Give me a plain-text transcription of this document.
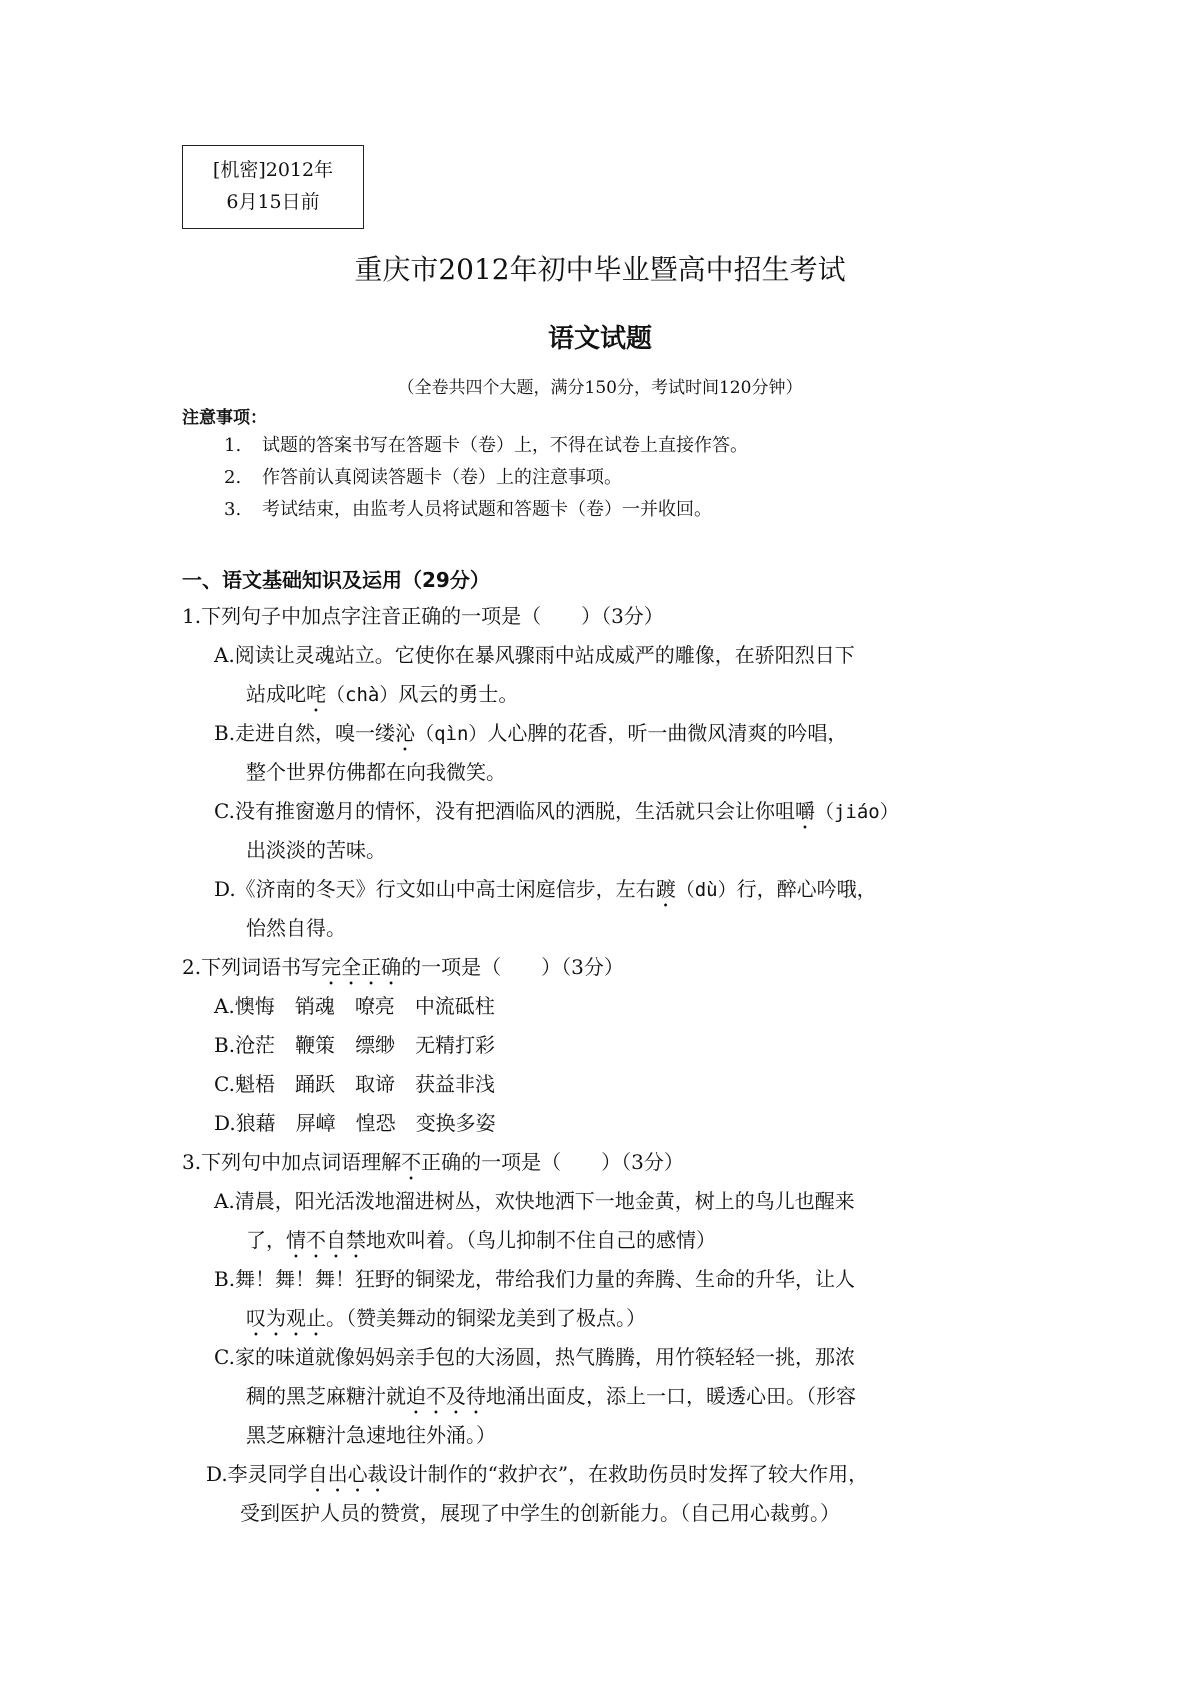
[机密]2012年
6月15日前
重庆市2012年初中毕业暨高中招生考试
语文试题
（全卷共四个大题，满分150分，考试时间120分钟）
注意事项：
1.	试题的答案书写在答题卡（卷）上，不得在试卷上直接作答。
2.	作答前认真阅读答题卡（卷）上的注意事项。
3.	考试结束，由监考人员将试题和答题卡（卷）一并收回。
一、语文基础知识及运用（29分）
1.下列句子中加点字注音正确的一项是（　　）（3分）
A.阅读让灵魂站立。它使你在暴风骤雨中站成威严的雕像，在骄阳烈日下
站成叱咤（chà）风云的勇士。
B.走进自然，嗅一缕沁（qìn）人心脾的花香，听一曲微风清爽的吟唱，
整个世界仿佛都在向我微笑。
C.没有推窗邀月的情怀，没有把酒临风的洒脱，生活就只会让你咀嚼（jiáo）
出淡淡的苦味。
D.《济南的冬天》行文如山中高士闲庭信步，左右踱（dù）行，醉心吟哦，
怡然自得。
2.下列词语书写完全正确的一项是（　　）（3分）
A.懊悔 销魂 嘹亮 中流砥柱
B.沧茫 鞭策 缥缈 无精打彩
C.魁梧 踊跃 取谛 获益非浅
D.狼藉 屏嶂 惶恐 变换多姿
3.下列句中加点词语理解不正确的一项是（　　）（3分）
A.清晨，阳光活泼地溜进树丛，欢快地洒下一地金黄，树上的鸟儿也醒来
了，情不自禁地欢叫着。（鸟儿抑制不住自己的感情）
B.舞！舞！舞！狂野的铜梁龙，带给我们力量的奔腾、生命的升华，让人
叹为观止。（赞美舞动的铜梁龙美到了极点。）
C.家的味道就像妈妈亲手包的大汤圆，热气腾腾，用竹筷轻轻一挑，那浓
稠的黑芝麻糖汁就迫不及待地涌出面皮，添上一口，暖透心田。（形容
黑芝麻糖汁急速地往外涌。）
D.李灵同学自出心裁设计制作的“救护衣”，在救助伤员时发挥了较大作用，
受到医护人员的赞赏，展现了中学生的创新能力。（自己用心裁剪。）
